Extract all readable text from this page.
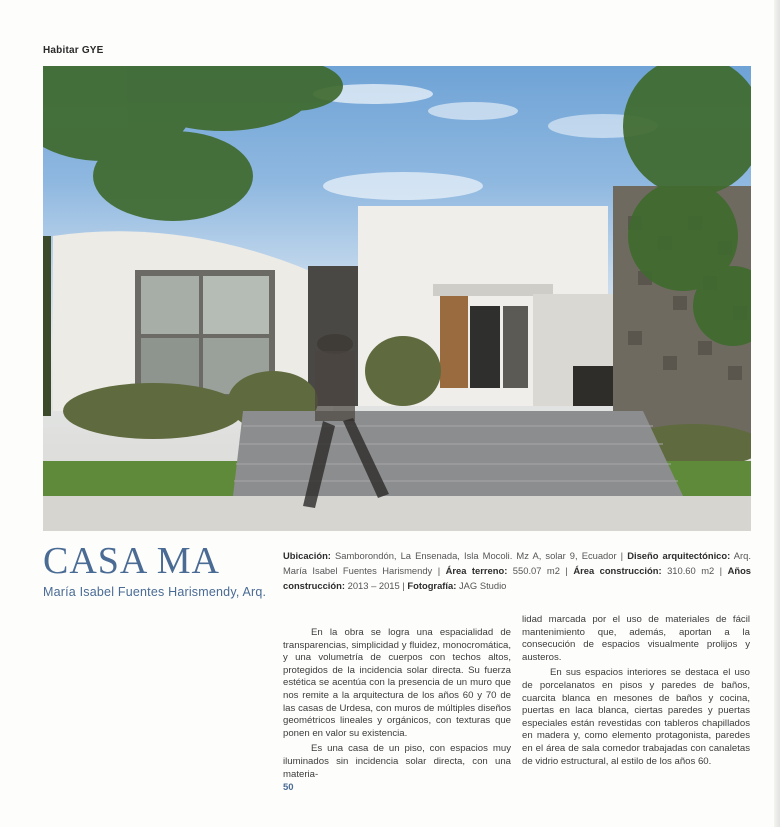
Habitar GYE
CASA MA
María Isabel Fuentes Harismendy, Arq.
Ubicación: Samborondón, La Ensenada, Isla Mocoli. Mz A, solar 9, Ecuador | Diseño arquitectónico: Arq. María Isabel Fuentes Harismendy | Área terreno: 550.07 m2 | Área construcción: 310.60 m2 | Años construcción: 2013 – 2015 | Fotografía: JAG Studio

En la obra se logra una espacialidad de transparencias, simplicidad y fluidez, monocromática, y una volumetría de cuerpos con techos altos, protegidos de la incidencia solar directa. Su fuerza estética se acentúa con la presencia de un muro que nos remite a la arquitectura de los años 60 y 70 de las casas de Urdesa, con muros de múltiples diseños geométricos lineales y orgánicos, con texturas que ponen en valor su existencia.

Es una casa de un piso, con espacios muy iluminados sin incidencia solar directa, con una materia-

lidad marcada por el uso de materiales de fácil mantenimiento que, además, aportan a la consecución de espacios visualmente prolijos y austeros.

En sus espacios interiores se destaca el uso de porcelanatos en pisos y paredes de baños, cuarcita blanca en mesones de baños y cocina, puertas en laca blanca, ciertas paredes y puertas especiales están revestidas con tableros chapillados en madera y, como elemento protagonista, paredes en el área de sala comedor trabajadas con canaletas de vidrio estructural, al estilo de los años 60.

50
